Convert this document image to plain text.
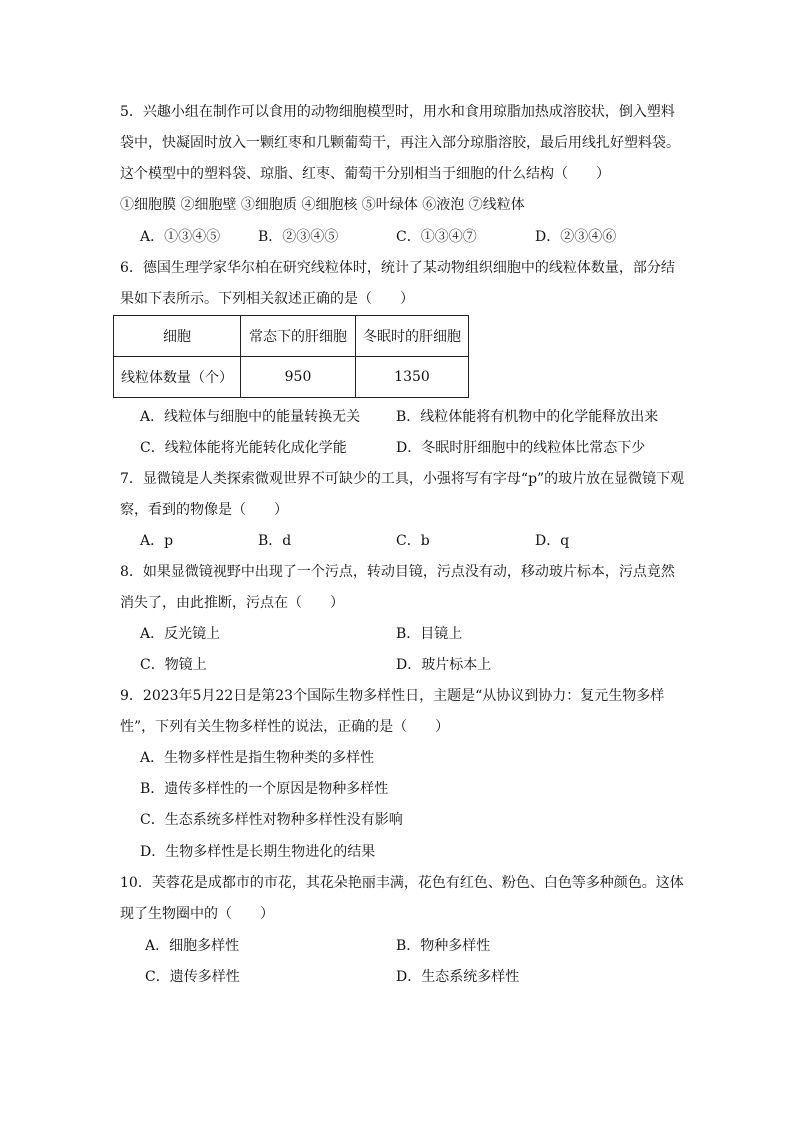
5．兴趣小组在制作可以食用的动物细胞模型时，用水和食用琼脂加热成溶胶状，倒入塑料
袋中，快凝固时放入一颗红枣和几颗葡萄干，再注入部分琼脂溶胶，最后用线扎好塑料袋。
这个模型中的塑料袋、琼脂、红枣、葡萄干分别相当于细胞的什么结构（　　）
①细胞膜 ②细胞壁 ③细胞质 ④细胞核 ⑤叶绿体 ⑥液泡 ⑦线粒体
A．①③④⑤	B．②③④⑤	C．①③④⑦	D．②③④⑥
6．德国生理学家华尔柏在研究线粒体时，统计了某动物组织细胞中的线粒体数量，部分结
果如下表所示。下列相关叙述正确的是（　　）
细胞	常态下的肝细胞	冬眠时的肝细胞
线粒体数量（个）	950	1350
A．线粒体与细胞中的能量转换无关	B．线粒体能将有机物中的化学能释放出来
C．线粒体能将光能转化成化学能	D．冬眠时肝细胞中的线粒体比常态下少
7．显微镜是人类探索微观世界不可缺少的工具，小强将写有字母“p”的玻片放在显微镜下观
察，看到的物像是（　　）
A．p	B．d	C．b	D．q
8．如果显微镜视野中出现了一个污点，转动目镜，污点没有动，移动玻片标本，污点竟然
消失了，由此推断，污点在（　　）
A．反光镜上	B．目镜上
C．物镜上	D．玻片标本上
9．2023年5月22日是第23个国际生物多样性日，主题是“从协议到协力：复元生物多样
性”，下列有关生物多样性的说法，正确的是（　　）
A．生物多样性是指生物种类的多样性
B．遗传多样性的一个原因是物种多样性
C．生态系统多样性对物种多样性没有影响
D．生物多样性是长期生物进化的结果
10．芙蓉花是成都市的市花，其花朵艳丽丰满，花色有红色、粉色、白色等多种颜色。这体
现了生物圈中的（　　）
A．细胞多样性	B．物种多样性
C．遗传多样性	D．生态系统多样性
